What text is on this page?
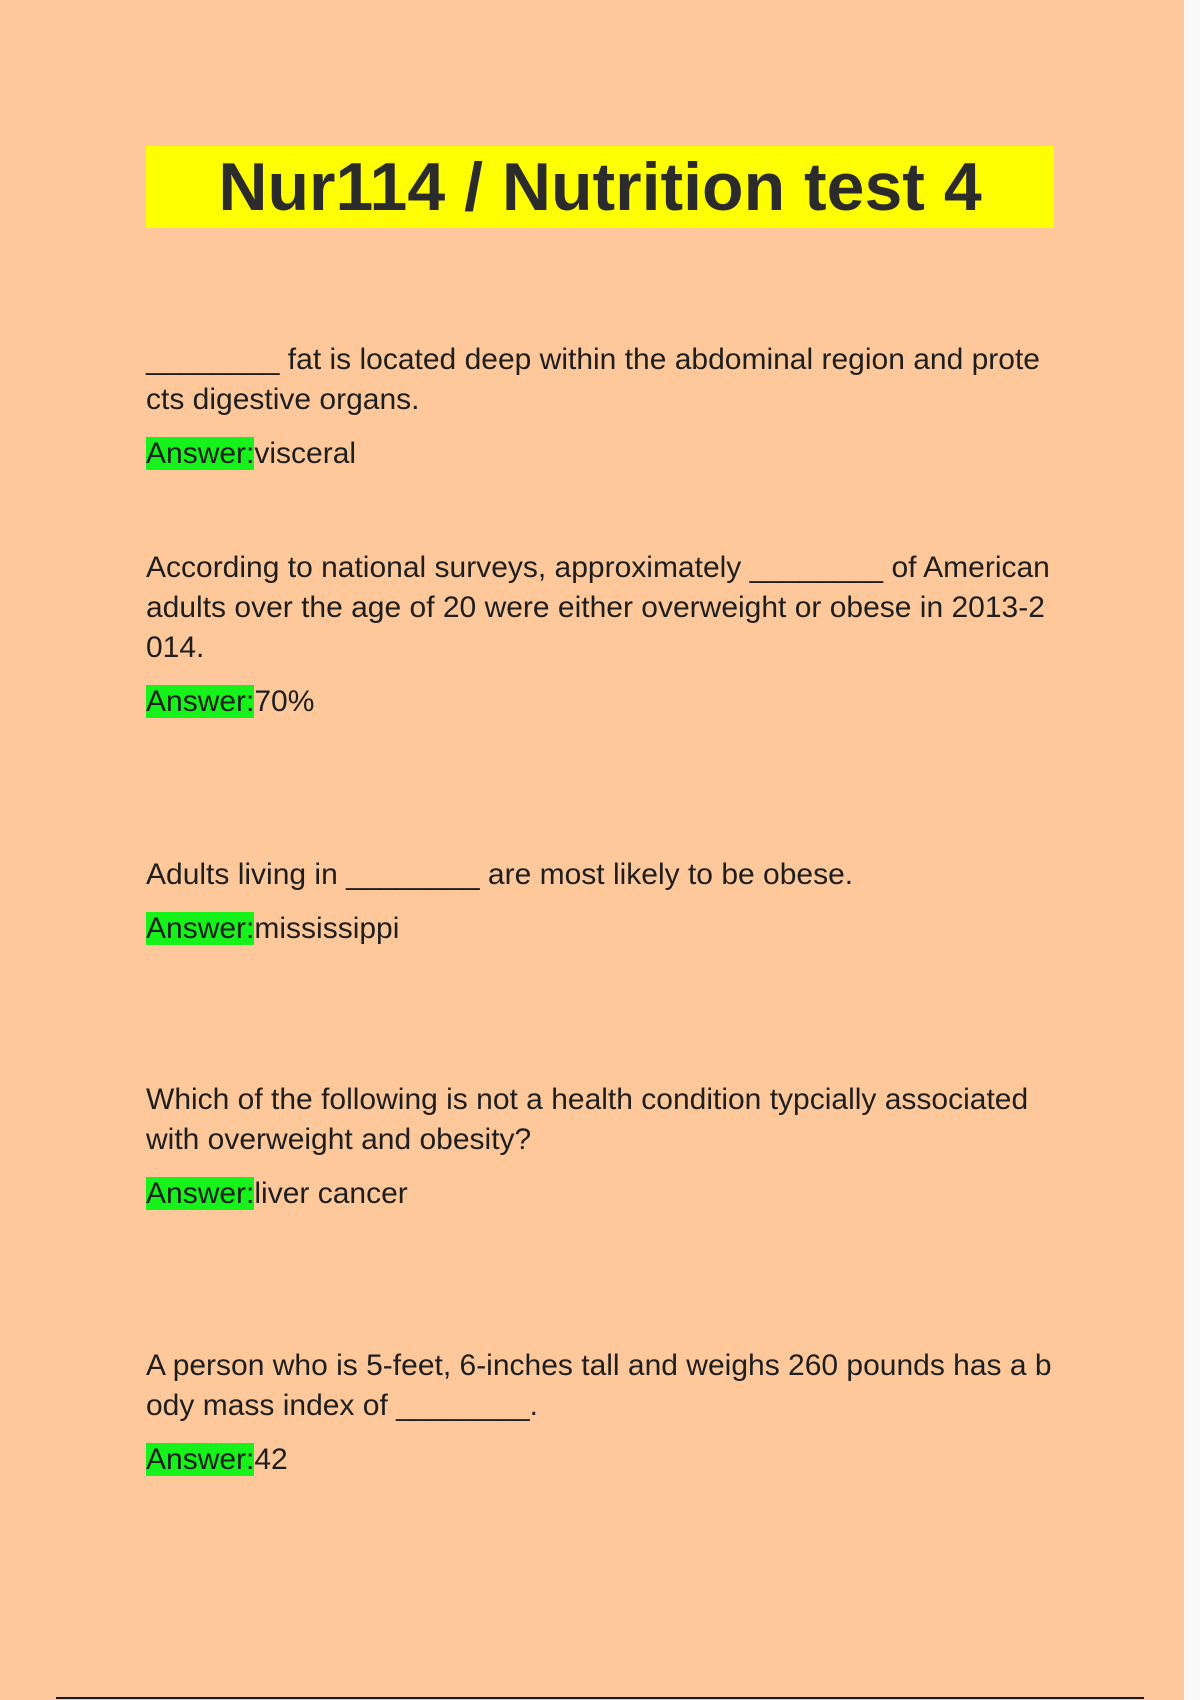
Nur114 / Nutrition test 4

________ fat is located deep within the abdominal region and protects digestive organs.

Answer:visceral

According to national surveys, approximately ________ of American adults over the age of 20 were either overweight or obese in 2013-2014.

Answer:70%

Adults living in ________ are most likely to be obese.

Answer:mississippi

Which of the following is not a health condition typcially associated with overweight and obesity?

Answer:liver cancer

A person who is 5-feet, 6-inches tall and weighs 260 pounds has a body mass index of ________.

Answer:42
